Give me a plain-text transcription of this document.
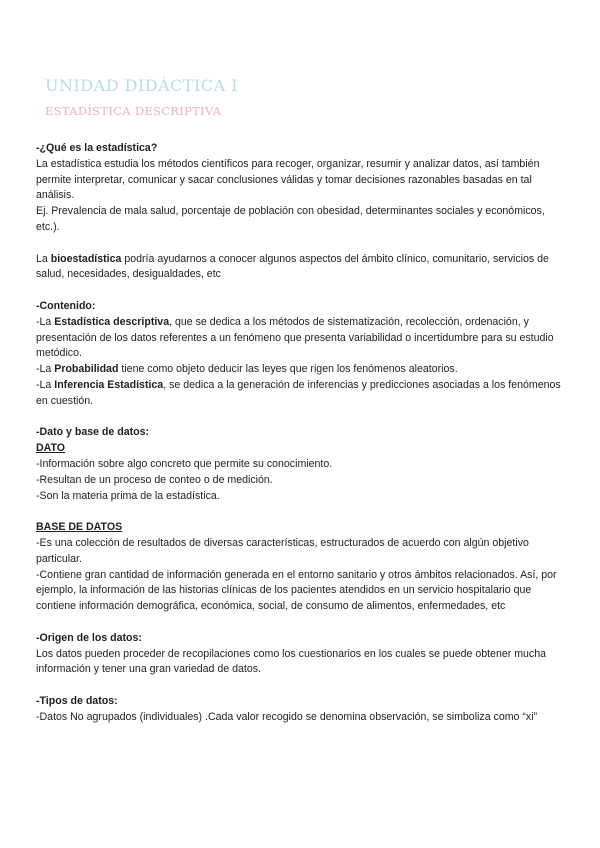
UNIDAD DIDÁCTICA I
ESTADÍSTICA DESCRIPTIVA

-¿Qué es la estadística?

La estadística estudia los métodos científicos para recoger, organizar, resumir y analizar datos, así también permite interpretar, comunicar y sacar conclusiones válidas y tomar decisiones razonables basadas en tal análisis.

Ej. Prevalencia de mala salud, porcentaje de población con obesidad, determinantes sociales y económicos, etc.).

La bioestadística podría ayudarnos a conocer algunos aspectos del ámbito clínico, comunitario, servicios de salud, necesidades, desigualdades, etc

-Contenido:

-La Estadística descriptiva, que se dedica a los métodos de sistematización, recolección, ordenación, y presentación de los datos referentes a un fenómeno que presenta variabilidad o incertidumbre para su estudio metódico.

-La Probabilidad tiene como objeto deducir las leyes que rigen los fenómenos aleatorios.

-La Inferencia Estadística, se dedica a la generación de inferencias y predicciones asociadas a los fenómenos en cuestión.

-Dato y base de datos:

DATO

-Información sobre algo concreto que permite su conocimiento.

-Resultan de un proceso de conteo o de medición.

-Son la materia prima de la estadística.

BASE DE DATOS

-Es una colección de resultados de diversas características, estructurados de acuerdo con algún objetivo particular.

-Contiene gran cantidad de información generada en el entorno sanitario y otros ámbitos relacionados. Así, por ejemplo, la información de las historias clínicas de los pacientes atendidos en un servicio hospitalario que contiene información demográfica, económica, social, de consumo de alimentos, enfermedades, etc

-Origen de los datos:

Los datos pueden proceder de recopilaciones como los cuestionarios en los cuales se puede obtener mucha información y tener una gran variedad de datos.

-Tipos de datos:

-Datos No agrupados (individuales) .Cada valor recogido se denomina observación, se simboliza como “xi”
